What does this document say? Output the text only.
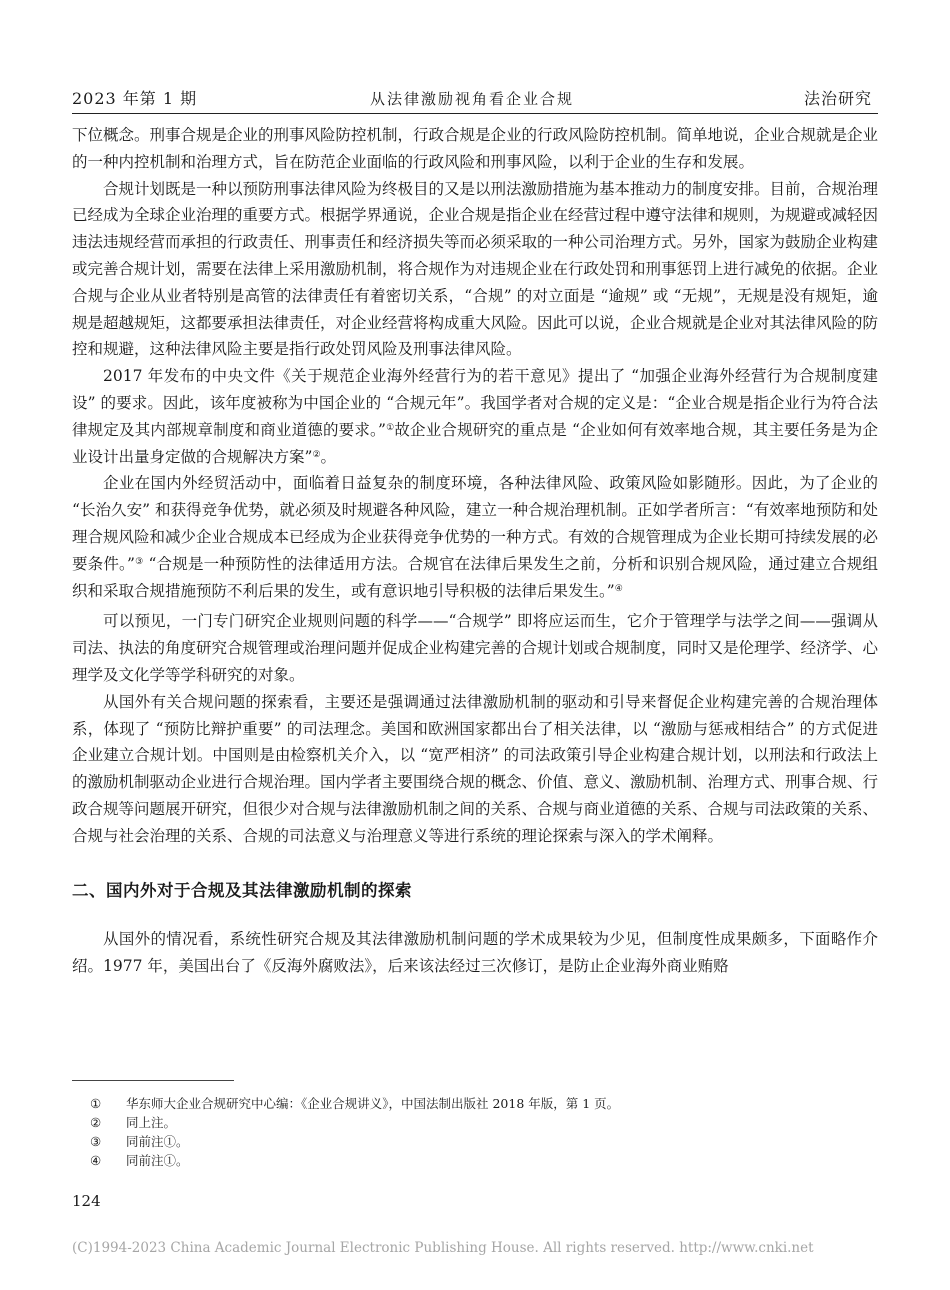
2023 年第 1 期	从法律激励视角看企业合规	法治研究

下位概念。刑事合规是企业的刑事风险防控机制，行政合规是企业的行政风险防控机制。简单地说，企业合规就是企业的一种内控机制和治理方式，旨在防范企业面临的行政风险和刑事风险，以利于企业的生存和发展。

合规计划既是一种以预防刑事法律风险为终极目的又是以刑法激励措施为基本推动力的制度安排。目前，合规治理已经成为全球企业治理的重要方式。根据学界通说，企业合规是指企业在经营过程中遵守法律和规则，为规避或减轻因违法违规经营而承担的行政责任、刑事责任和经济损失等而必须采取的一种公司治理方式。另外，国家为鼓励企业构建或完善合规计划，需要在法律上采用激励机制，将合规作为对违规企业在行政处罚和刑事惩罚上进行减免的依据。企业合规与企业从业者特别是高管的法律责任有着密切关系，“合规” 的对立面是 “逾规” 或 “无规”，无规是没有规矩，逾规是超越规矩，这都要承担法律责任，对企业经营将构成重大风险。因此可以说，企业合规就是企业对其法律风险的防控和规避，这种法律风险主要是指行政处罚风险及刑事法律风险。

2017 年发布的中央文件《关于规范企业海外经营行为的若干意见》提出了 “加强企业海外经营行为合规制度建设” 的要求。因此，该年度被称为中国企业的 “合规元年”。我国学者对合规的定义是：“企业合规是指企业行为符合法律规定及其内部规章制度和商业道德的要求。”①故企业合规研究的重点是 “企业如何有效率地合规，其主要任务是为企业设计出量身定做的合规解决方案”②。

企业在国内外经贸活动中，面临着日益复杂的制度环境，各种法律风险、政策风险如影随形。因此，为了企业的 “长治久安” 和获得竞争优势，就必须及时规避各种风险，建立一种合规治理机制。正如学者所言：“有效率地预防和处理合规风险和减少企业合规成本已经成为企业获得竞争优势的一种方式。有效的合规管理成为企业长期可持续发展的必要条件。”③ “合规是一种预防性的法律适用方法。合规官在法律后果发生之前，分析和识别合规风险，通过建立合规组织和采取合规措施预防不利后果的发生，或有意识地引导积极的法律后果发生。”④

可以预见，一门专门研究企业规则问题的科学——“合规学” 即将应运而生，它介于管理学与法学之间——强调从司法、执法的角度研究合规管理或治理问题并促成企业构建完善的合规计划或合规制度，同时又是伦理学、经济学、心理学及文化学等学科研究的对象。

从国外有关合规问题的探索看，主要还是强调通过法律激励机制的驱动和引导来督促企业构建完善的合规治理体系，体现了 “预防比辩护重要” 的司法理念。美国和欧洲国家都出台了相关法律，以 “激励与惩戒相结合” 的方式促进企业建立合规计划。中国则是由检察机关介入，以 “宽严相济” 的司法政策引导企业构建合规计划，以刑法和行政法上的激励机制驱动企业进行合规治理。国内学者主要围绕合规的概念、价值、意义、激励机制、治理方式、刑事合规、行政合规等问题展开研究，但很少对合规与法律激励机制之间的关系、合规与商业道德的关系、合规与司法政策的关系、合规与社会治理的关系、合规的司法意义与治理意义等进行系统的理论探索与深入的学术阐释。

二、国内外对于合规及其法律激励机制的探索

从国外的情况看，系统性研究合规及其法律激励机制问题的学术成果较为少见，但制度性成果颇多，下面略作介绍。1977 年，美国出台了《反海外腐败法》，后来该法经过三次修订，是防止企业海外商业贿赂

①	华东师大企业合规研究中心编：《企业合规讲义》，中国法制出版社 2018 年版，第 1 页。
②	同上注。
③	同前注①。
④	同前注①。
124
(C)1994-2023 China Academic Journal Electronic Publishing House. All rights reserved. http://www.cnki.net
